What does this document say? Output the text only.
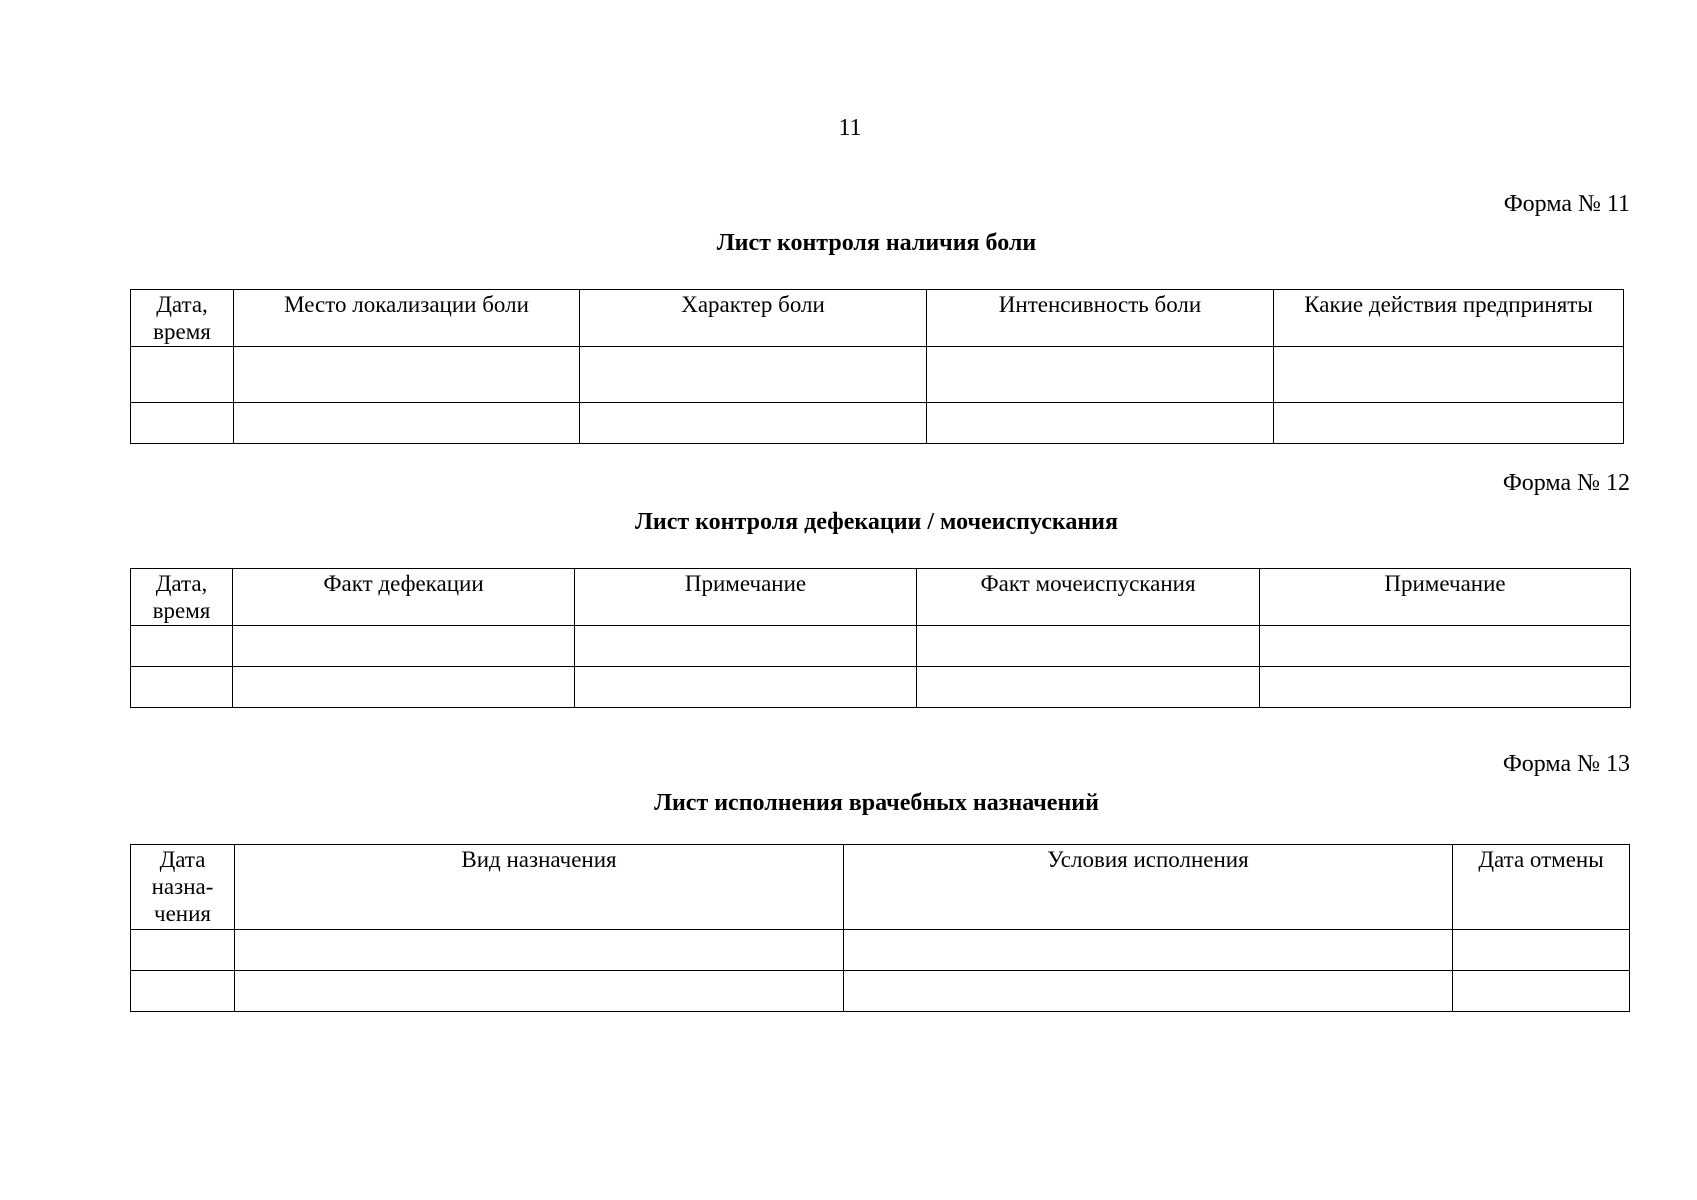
11
Форма № 11
Лист контроля наличия боли
Дата, время	Место локализации боли	Характер боли	Интенсивность боли	Какие действия предприняты

Форма № 12
Лист контроля дефекации / мочеиспускания
Дата, время	Факт дефекации	Примечание	Факт мочеиспускания	Примечание

Форма № 13
Лист исполнения врачебных назначений
Дата назна-чения	Вид назначения	Условия исполнения	Дата отмены
